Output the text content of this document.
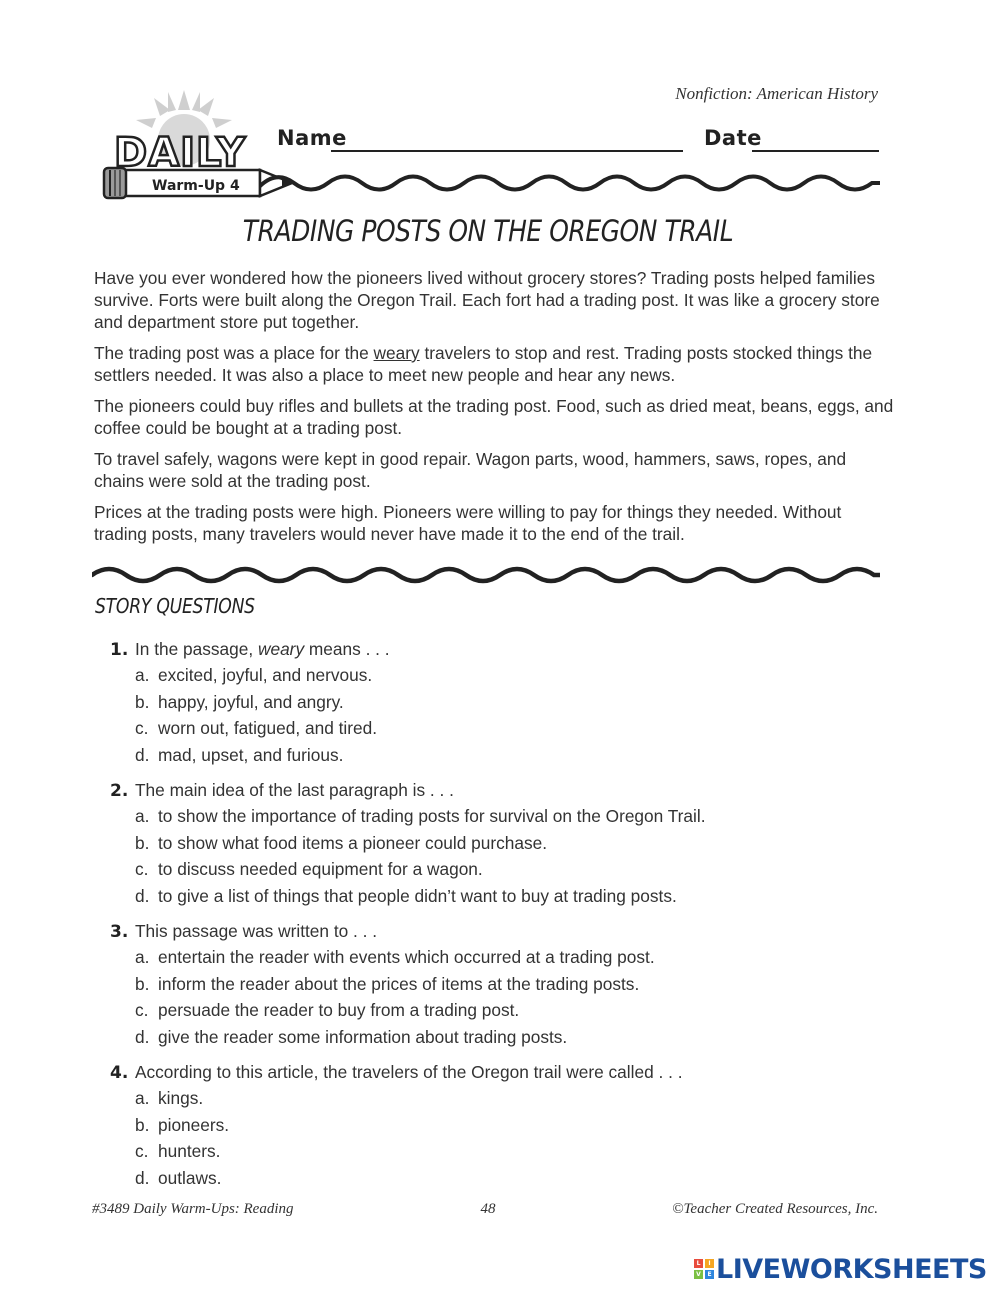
Nonfiction: American History
DAILY
Warm-Up 4
Name	Date
TRADING POSTS ON THE OREGON TRAIL

Have you ever wondered how the pioneers lived without grocery stores? Trading posts helped families survive. Forts were built along the Oregon Trail. Each fort had a trading post. It was like a grocery store and department store put together.

The trading post was a place for the weary travelers to stop and rest. Trading posts stocked things the settlers needed. It was also a place to meet new people and hear any news.

The pioneers could buy rifles and bullets at the trading post. Food, such as dried meat, beans, eggs, and coffee could be bought at a trading post.

To travel safely, wagons were kept in good repair. Wagon parts, wood, hammers, saws, ropes, and chains were sold at the trading post.

Prices at the trading posts were high. Pioneers were willing to pay for things they needed. Without trading posts, many travelers would never have made it to the end of the trail.

STORY QUESTIONS
1. In the passage, weary means . . .
a. excited, joyful, and nervous.
b. happy, joyful, and angry.
c. worn out, fatigued, and tired.
d. mad, upset, and furious.
2. The main idea of the last paragraph is . . .
a. to show the importance of trading posts for survival on the Oregon Trail.
b. to show what food items a pioneer could purchase.
c. to discuss needed equipment for a wagon.
d. to give a list of things that people didn’t want to buy at trading posts.
3. This passage was written to . . .
a. entertain the reader with events which occurred at a trading post.
b. inform the reader about the prices of items at the trading posts.
c. persuade the reader to buy from a trading post.
d. give the reader some information about trading posts.
4. According to this article, the travelers of the Oregon trail were called . . .
a. kings.
b. pioneers.
c. hunters.
d. outlaws.
#3489 Daily Warm-Ups: Reading	48	©Teacher Created Resources, Inc.
L	I
V	E LIVEWORKSHEETS
